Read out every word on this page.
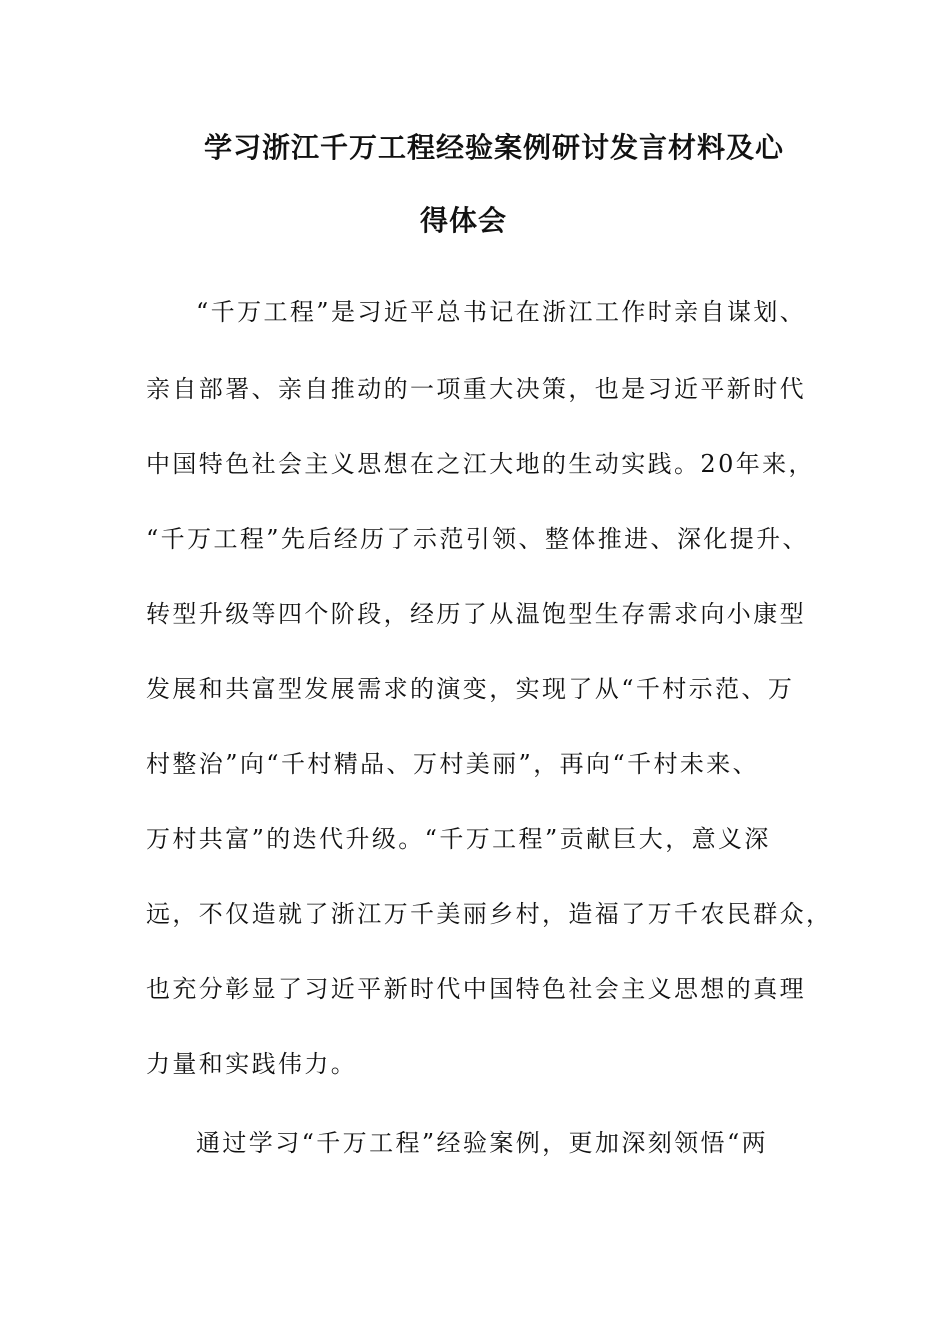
学习浙江千万工程经验案例研讨发言材料及心
得体会
“千万工程”是习近平总书记在浙江工作时亲自谋划、
亲自部署、亲自推动的一项重大决策，也是习近平新时代
中国特色社会主义思想在之江大地的生动实践。20年来，
“千万工程”先后经历了示范引领、整体推进、深化提升、
转型升级等四个阶段，经历了从温饱型生存需求向小康型
发展和共富型发展需求的演变，实现了从“千村示范、万
村整治”向“千村精品、万村美丽”，再向“千村未来、
万村共富”的迭代升级。“千万工程”贡献巨大，意义深
远，不仅造就了浙江万千美丽乡村，造福了万千农民群众，
也充分彰显了习近平新时代中国特色社会主义思想的真理
力量和实践伟力。
通过学习“千万工程”经验案例，更加深刻领悟“两
